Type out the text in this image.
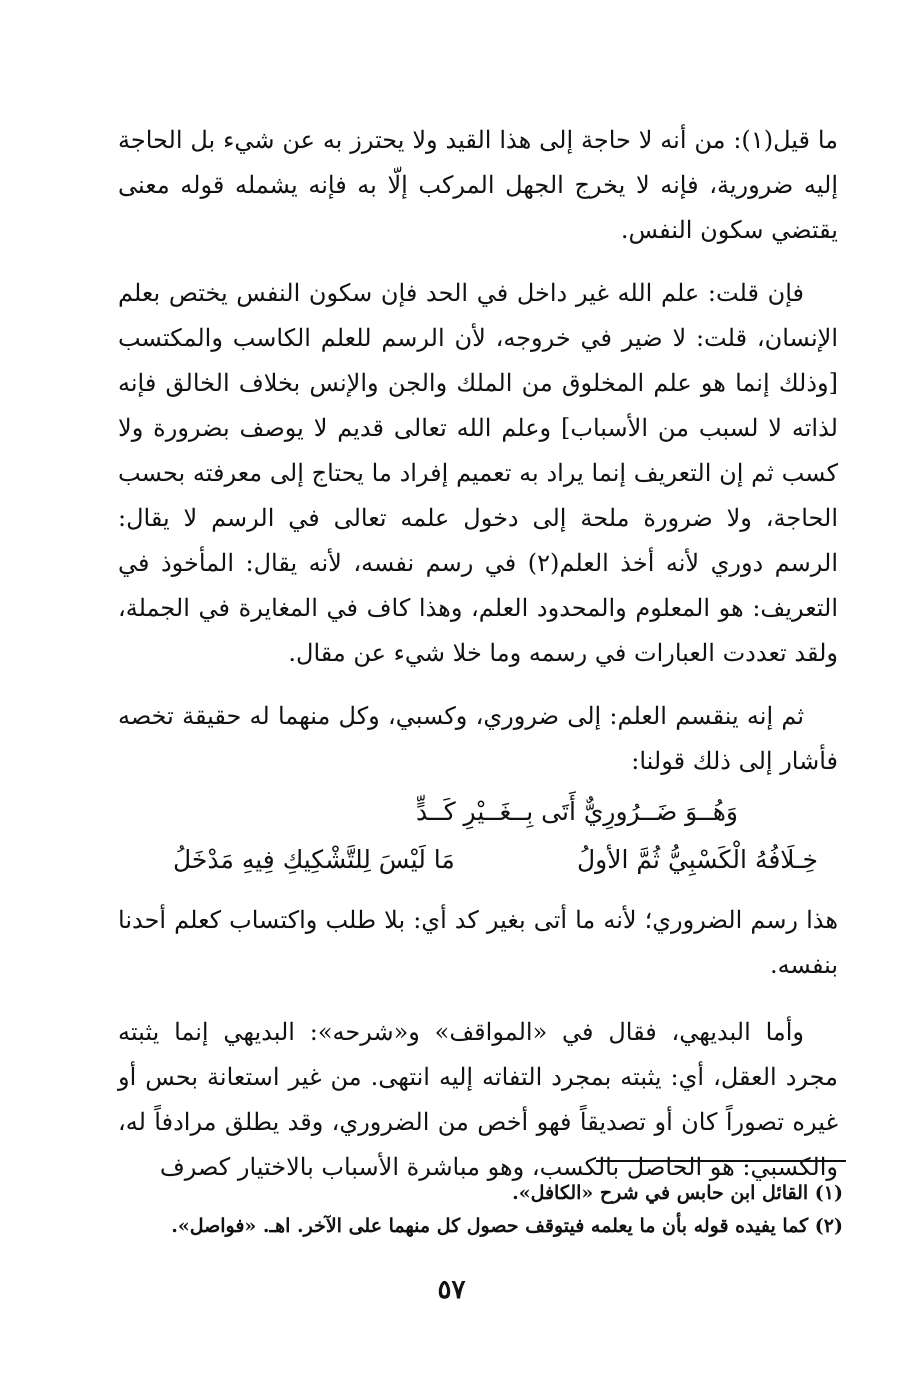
ما قيل(١): من أنه لا حاجة إلى هذا القيد ولا يحترز به عن شيء بل الحاجة إليه ضرورية، فإنه لا يخرج الجهل المركب إلّا به فإنه يشمله قوله معنى يقتضي سكون النفس.

فإن قلت: علم الله غير داخل في الحد فإن سكون النفس يختص بعلم الإنسان، قلت: لا ضير في خروجه، لأن الرسم للعلم الكاسب والمكتسب [وذلك إنما هو علم المخلوق من الملك والجن والإنس بخلاف الخالق فإنه لذاته لا لسبب من الأسباب] وعلم الله تعالى قديم لا يوصف بضرورة ولا كسب ثم إن التعريف إنما يراد به تعميم إفراد ما يحتاج إلى معرفته بحسب الحاجة، ولا ضرورة ملحة إلى دخول علمه تعالى في الرسم لا يقال: الرسم دوري لأنه أخذ العلم(٢) في رسم نفسه، لأنه يقال: المأخوذ في التعريف: هو المعلوم والمحدود العلم، وهذا كاف في المغايرة في الجملة، ولقد تعددت العبارات في رسمه وما خلا شيء عن مقال.

ثم إنه ينقسم العلم: إلى ضروري، وكسبي، وكل منهما له حقيقة تخصه فأشار إلى ذلك قولنا:

وَهُــوَ ضَــرُورِيٌّ أَتَى بِــغَــيْرِ كَــدٍّ
خِـلَافُهُ الْكَسْبِيُّ ثُمَّ الأولُ
مَا لَيْسَ لِلتَّشْكِيكِ فِيهِ مَدْخَلُ

هذا رسم الضروري؛ لأنه ما أتى بغير كد أي: بلا طلب واكتساب كعلم أحدنا بنفسه.

وأما البديهي، فقال في «المواقف» و«شرحه»: البديهي إنما يثبته مجرد العقل، أي: يثبته بمجرد التفاته إليه انتهى. من غير استعانة بحس أو غيره تصوراً كان أو تصديقاً فهو أخص من الضروري، وقد يطلق مرادفاً له، والكسبي: هو الحاصل بالكسب، وهو مباشرة الأسباب بالاختيار كصرف

(١) القائل ابن حابس في شرح «الكافل».

(٢) كما يفيده قوله بأن ما يعلمه فيتوقف حصول كل منهما على الآخر. اهـ. «فواصل».

٥٧
